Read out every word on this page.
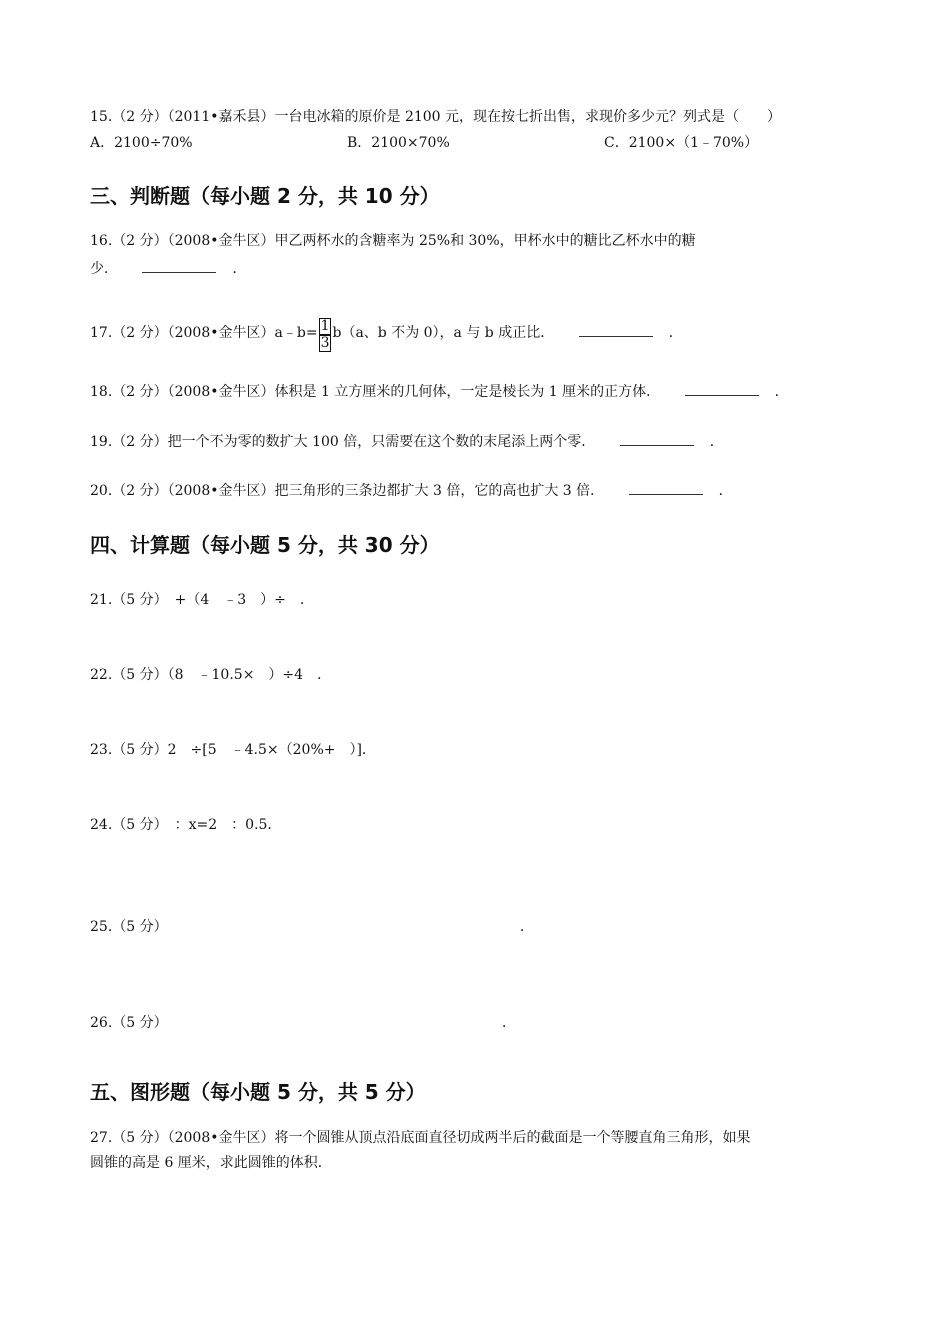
15.（2 分）（2011•嘉禾县）一台电冰箱的原价是 2100 元，现在按七折出售，求现价多少元？列式是（　　）
A．2100÷70%	B．2100×70%	C．2100×（1﹣70%）
三、判断题（每小题 2 分，共 10 分）
16.（2 分）（2008•金牛区）甲乙两杯水的含糖率为 25%和 30%，甲杯水中的糖比乙杯水中的糖
少．	．
17.（2 分）（2008•金牛区）a﹣b= $\frac{1}{3} b(a$、b 不为 0），a 与 b 成正比．	．
18.（2 分）（2008•金牛区）体积是 1 立方厘米的几何体，一定是棱长为 1 厘米的正方体．	．
19.（2 分）把一个不为零的数扩大 100 倍，只需要在这个数的末尾添上两个零．	．
20.（2 分）（2008•金牛区）把三角形的三条边都扩大 3 倍，它的高也扩大 3 倍．	．
四、计算题（每小题 5 分，共 30 分）
21.（5 分）　+（4　﹣3　）÷　．
22.（5 分）（8　﹣10.5×　）÷4　．
23.（5 分）2　÷[5　﹣4.5×（20%+　）]．
24.（5 分）　：x=2　：0.5．
25.（5 分）	．
26.（5 分）	．
五、图形题（每小题 5 分，共 5 分）
27.（5 分）（2008•金牛区）将一个圆锥从顶点沿底面直径切成两半后的截面是一个等腰直角三角形，如果
圆锥的高是 6 厘米，求此圆锥的体积．
